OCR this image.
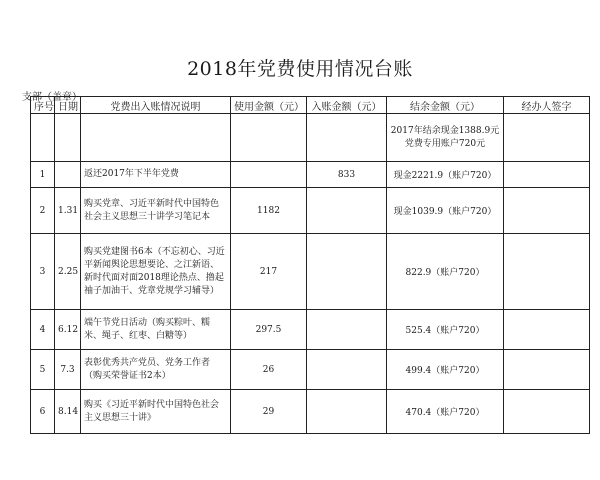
2018年党费使用情况台账
支部（盖章）
序号	日期	党费出入账情况说明	使用金额（元）	入账金额（元）	结余金额（元）	经办人签字

					2017年结余现金1388.9元
党费专用账户720元	

1		返还2017年下半年党费		833	现金2221.9（账户720）	
2	1.31	购买党章、习近平新时代中国特色社会主义思想三十讲学习笔记本	1182		现金1039.9（账户720）	
3	2.25	购买党建图书6本（不忘初心、习近平新闻舆论思想要论、之江新语、新时代面对面2018理论热点、撸起袖子加油干、党章党规学习辅导）	217		822.9（账户720）	
4	6.12	端午节党日活动（购买粽叶、糯米、绳子、红枣、白糖等）	297.5		525.4（账户720）	
5	7.3	表彰优秀共产党员、党务工作者（购买荣誉证书2本）	26		499.4（账户720）	
6	8.14	购买《习近平新时代中国特色社会主义思想三十讲》	29		470.4（账户720）	
